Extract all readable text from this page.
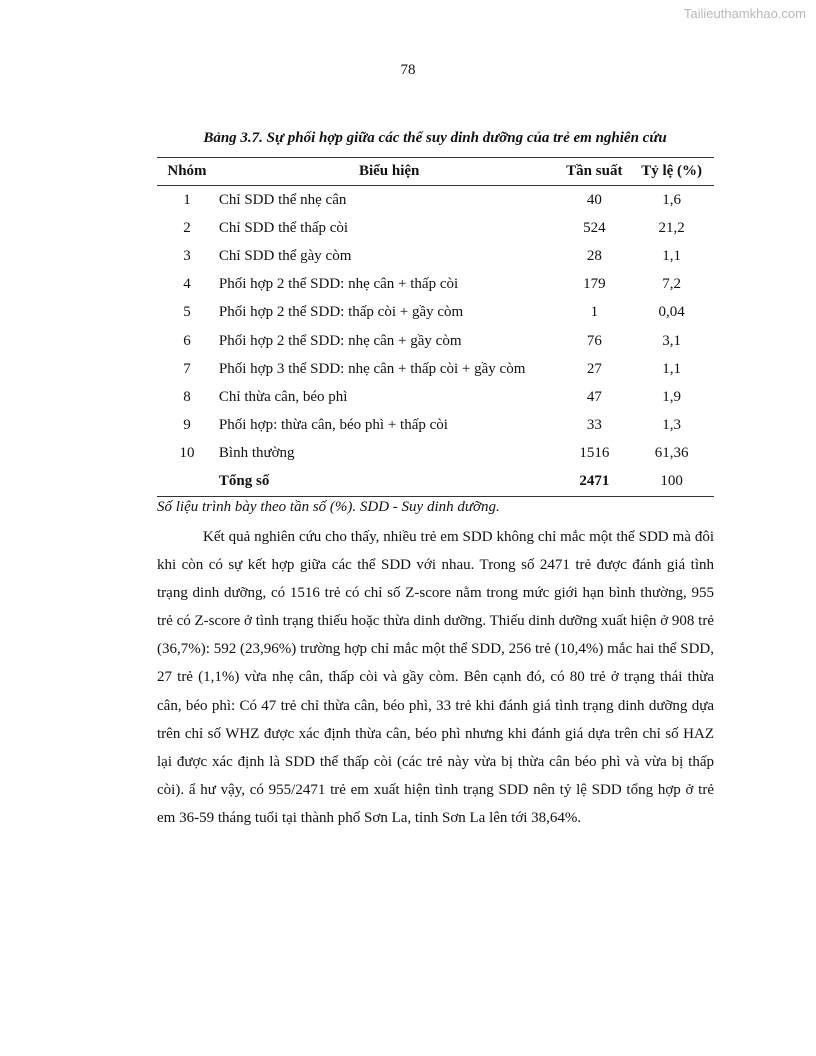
Tailieuthamkhao.com
78
Bảng 3.7. Sự phối hợp giữa các thể suy dinh dưỡng của trẻ em nghiên cứu
Nhóm	Biểu hiện	Tần suất	Tỷ lệ (%)
1	Chỉ SDD thể nhẹ cân	40	1,6
2	Chỉ SDD thể thấp còi	524	21,2
3	Chỉ SDD thể gày còm	28	1,1
4	Phối hợp 2 thể SDD: nhẹ cân + thấp còi	179	7,2
5	Phối hợp 2 thể SDD: thấp còi + gầy còm	1	0,04
6	Phối hợp 2 thể SDD: nhẹ cân + gầy còm	76	3,1
7	Phối hợp 3 thể SDD: nhẹ cân + thấp còi + gầy còm	27	1,1
8	Chỉ thừa cân, béo phì	47	1,9
9	Phối hợp: thừa cân, béo phì + thấp còi	33	1,3
10	Bình thường	1516	61,36
	Tổng số	2471	100
Số liệu trình bày theo tần số (%). SDD - Suy dinh dưỡng.

Kết quả nghiên cứu cho thấy, nhiều trẻ em SDD không chỉ mắc một thể SDD mà đôi khi còn có sự kết hợp giữa các thể SDD với nhau. Trong số 2471 trẻ được đánh giá tình trạng dinh dưỡng, có 1516 trẻ có chỉ số Z-score nằm trong mức giới hạn bình thường, 955 trẻ có Z-score ở tình trạng thiếu hoặc thừa dinh dưỡng. Thiếu dinh dưỡng xuất hiện ở 908 trẻ (36,7%): 592 (23,96%) trường hợp chỉ mắc một thể SDD, 256 trẻ (10,4%) mắc hai thể SDD, 27 trẻ (1,1%) vừa nhẹ cân, thấp còi và gầy còm. Bên cạnh đó, có 80 trẻ ở trạng thái thừa cân, béo phì: Có 47 trẻ chỉ thừa cân, béo phì, 33 trẻ khi đánh giá tình trạng dinh dưỡng dựa trên chỉ số WHZ được xác định thừa cân, béo phì nhưng khi đánh giá dựa trên chỉ số HAZ lại được xác định là SDD thể thấp còi (các trẻ này vừa bị thừa cân béo phì và vừa bị thấp còi). ẩ hư vậy, có 955/2471 trẻ em xuất hiện tình trạng SDD nên tỷ lệ SDD tổng hợp ở trẻ em 36-59 tháng tuổi tại thành phố Sơn La, tỉnh Sơn La lên tới 38,64%.
